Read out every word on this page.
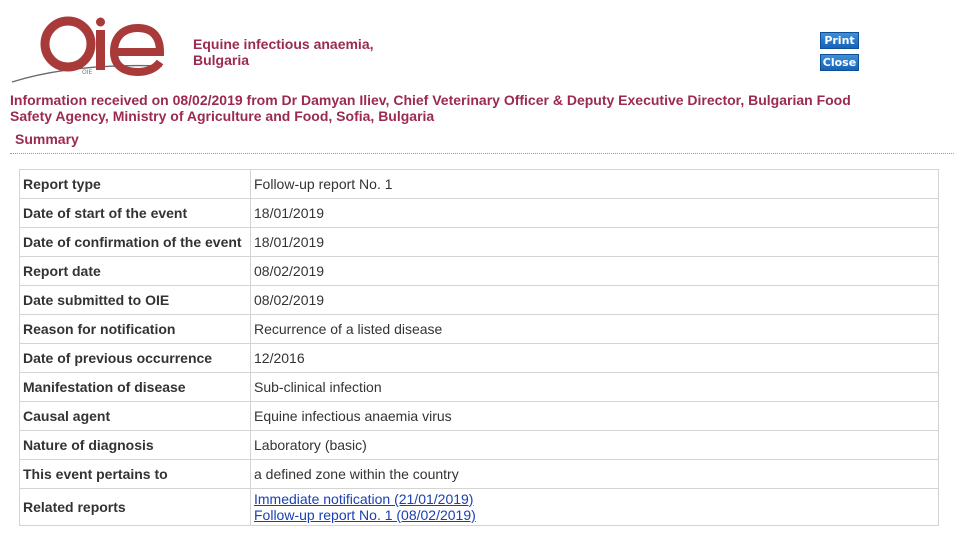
OIE
Equine infectious anaemia,
Bulgaria
Print
Close
Information received on 08/02/2019 from Dr Damyan Iliev, Chief Veterinary Officer & Deputy Executive Director, Bulgarian Food Safety Agency, Ministry of Agriculture and Food, Sofia, Bulgaria
Summary
Report type	Follow-up report No. 1
Date of start of the event	18/01/2019
Date of confirmation of the event	18/01/2019
Report date	08/02/2019
Date submitted to OIE	08/02/2019
Reason for notification	Recurrence of a listed disease
Date of previous occurrence	12/2016
Manifestation of disease	Sub-clinical infection
Causal agent	Equine infectious anaemia virus
Nature of diagnosis	Laboratory (basic)
This event pertains to	a defined zone within the country
Related reports	Immediate notification (21/01/2019)
Follow-up report No. 1 (08/02/2019)
